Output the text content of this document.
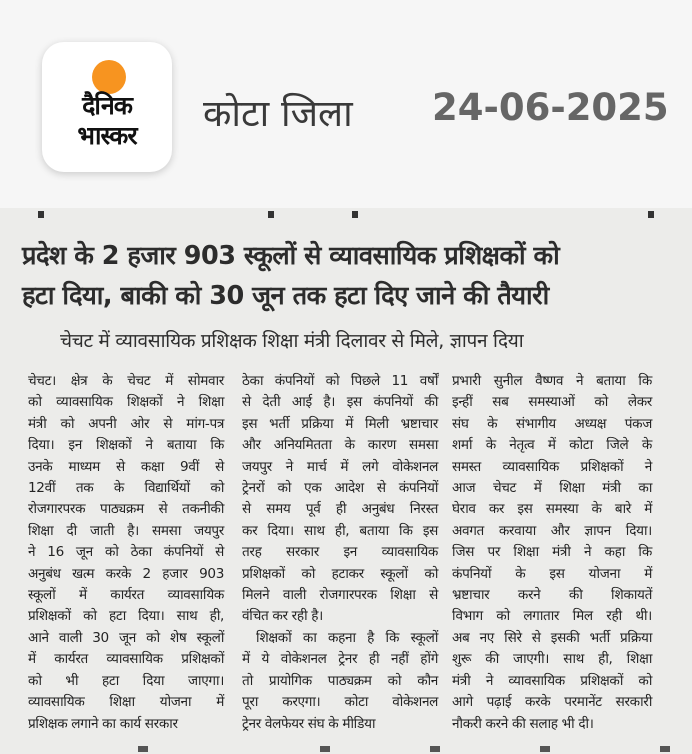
दैनिक
भास्कर
कोटा जिला 24-06-2025
प्रदेश के 2 हजार 903 स्कूलों से व्यावसायिक प्रशिक्षकों को
हटा दिया, बाकी को 30 जून तक हटा दिए जाने की तैयारी
चेचट में व्यावसायिक प्रशिक्षक शिक्षा मंत्री दिलावर से मिले, ज्ञापन दिया
चेचट। क्षेत्र के चेचट में सोमवार
को व्यावसायिक शिक्षकों ने शिक्षा
मंत्री को अपनी ओर से मांग-पत्र
दिया। इन शिक्षकों ने बताया कि
उनके माध्यम से कक्षा 9वीं से
12वीं तक के विद्यार्थियों को
रोजगारपरक पाठ्यक्रम से तकनीकी
शिक्षा दी जाती है। समसा जयपुर
ने 16 जून को ठेका कंपनियों से
अनुबंध खत्म करके 2 हजार 903
स्कूलों में कार्यरत व्यावसायिक
प्रशिक्षकों को हटा दिया। साथ ही,
आने वाली 30 जून को शेष स्कूलों
में कार्यरत व्यावसायिक प्रशिक्षकों
को भी हटा दिया जाएगा।
व्यावसायिक शिक्षा योजना में
प्रशिक्षक लगाने का कार्य सरकार
ठेका कंपनियों को पिछले 11 वर्षों
से देती आई है। इस कंपनियों की
इस भर्ती प्रक्रिया में मिली भ्रष्टाचार
और अनियमितता के कारण समसा
जयपुर ने मार्च में लगे वोकेशनल
ट्रेनरों को एक आदेश से कंपनियों
से समय पूर्व ही अनुबंध निरस्त
कर दिया। साथ ही, बताया कि इस
तरह सरकार इन व्यावसायिक
प्रशिक्षकों को हटाकर स्कूलों को
मिलने वाली रोजगारपरक शिक्षा से
वंचित कर रही है।
शिक्षकों का कहना है कि स्कूलों
में ये वोकेशनल ट्रेनर ही नहीं होंगे
तो प्रायोगिक पाठ्यक्रम को कौन
पूरा करएगा। कोटा वोकेशनल
ट्रेनर वेलफेयर संघ के मीडिया
प्रभारी सुनील वैष्णव ने बताया कि
इन्हीं सब समस्याओं को लेकर
संघ के संभागीय अध्यक्ष पंकज
शर्मा के नेतृत्व में कोटा जिले के
समस्त व्यावसायिक प्रशिक्षकों ने
आज चेचट में शिक्षा मंत्री का
घेराव कर इस समस्या के बारे में
अवगत करवाया और ज्ञापन दिया।
जिस पर शिक्षा मंत्री ने कहा कि
कंपनियों के इस योजना में
भ्रष्टाचार करने की शिकायतें
विभाग को लगातार मिल रही थी।
अब नए सिरे से इसकी भर्ती प्रक्रिया
शुरू की जाएगी। साथ ही, शिक्षा
मंत्री ने व्यावसायिक प्रशिक्षकों को
आगे पढ़ाई करके परमानेंट सरकारी
नौकरी करने की सलाह भी दी।
